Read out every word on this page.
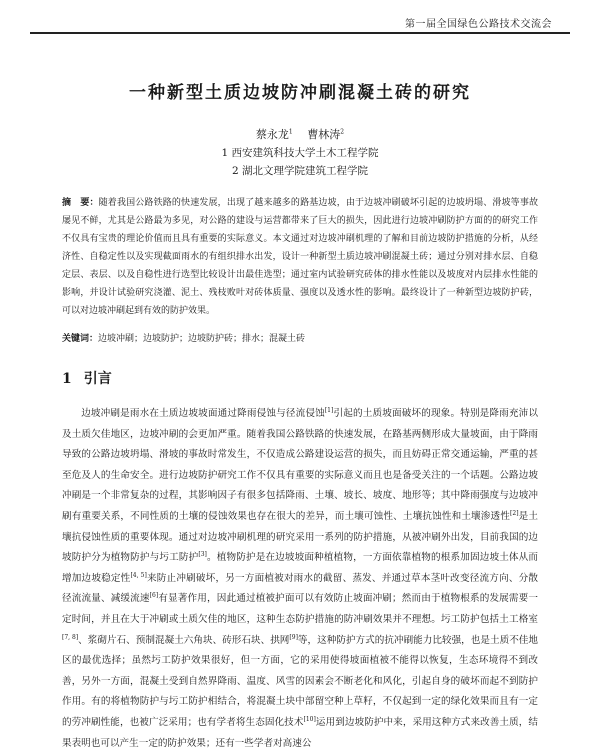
第一届全国绿色公路技术交流会
一种新型土质边坡防冲刷混凝土砖的研究
蔡永龙$^1$ 　 曹林涛$^2$
1 西安建筑科技大学土木工程学院
2 湖北文理学院建筑工程学院
摘　要：随着我国公路铁路的快速发展，出现了越来越多的路基边坡，由于边坡冲刷破坏引起的边坡坍塌、滑坡等事故屡见不鲜，尤其是公路最为多见，对公路的建设与运营都带来了巨大的损失，因此进行边坡冲刷防护方面的的研究工作不仅具有宝贵的理论价值而且具有重要的实际意义。本文通过对边坡冲刷机理的了解和目前边坡防护措施的分析，从经济性、自稳定性以及实现截面雨水的有组织排水出发，设计一种新型土质边坡冲刷混凝土砖；通过分别对排水层、自稳定层、表层、以及自稳性进行选型比较设计出最佳选型；通过室内试验研究砖体的排水性能以及坡度对内层排水性能的影响，并设计试验研究浇灌、泥土、残枝败叶对砖体质量、强度以及透水性的影响。最终设计了一种新型边坡防护砖，可以对边坡冲刷起到有效的防护效果。
关键词：边坡冲刷；边坡防护；边坡防护砖；排水；混凝土砖
1 引言
边坡冲刷是雨水在土质边坡坡面通过降雨侵蚀与径流侵蚀[1]引起的土质坡面破坏的现象。特别是降雨充沛以及土质欠佳地区，边坡冲刷的会更加严重。随着我国公路铁路的快速发展，在路基两侧形成大量坡面，由于降雨导致的公路边坡坍塌、滑坡的事故时常发生，不仅造成公路建设运营的损失，而且妨碍正常交通运输，严重的甚至危及人的生命安全。进行边坡防护研究工作不仅具有重要的实际意义而且也是备受关注的一个话题。公路边坡冲刷是一个非常复杂的过程，其影响因子有很多包括降雨、土壤、坡长、坡度、地形等；其中降雨强度与边坡冲刷有重要关系，不同性质的土壤的侵蚀效果也存在很大的差异，而土壤可蚀性、土壤抗蚀性和土壤渗透性[2]是土壤抗侵蚀性质的重要体现。通过对边坡冲刷机理的研究采用一系列的防护措施，从被冲刷外出发，目前我国的边坡防护分为植物防护与圬工防护[3]。植物防护是在边坡坡面种植植物，一方面依靠植物的根系加固边坡土体从而增加边坡稳定性[4, 5]来防止冲刷破坏，另一方面植被对雨水的截留、蒸发、并通过草本茎叶改变径流方向、分散径流流量、减缓流速[6]有显著作用，因此通过植被护面可以有效防止坡面冲刷；然而由于植物根系的发展需要一定时间，并且在大于冲刷或土质欠佳的地区，这种生态防护措施的防冲刷效果并不理想。圬工防护包括土工格室[7, 8]、浆砌片石、预制混凝土六角块、砖形石块、拱网[9]等，这种防护方式的抗冲刷能力比较强，也是土质不佳地区的最优选择；虽然圬工防护效果很好，但一方面，它的采用使得坡面植被不能得以恢复，生态环境得不到改善，另外一方面，混凝土受到自然界降雨、温度、风雪的因素会不断老化和风化，引起自身的破坏而起不到防护作用。有的将植物防护与圬工防护相结合，将混凝土块中部留空种上草籽，不仅起到一定的绿化效果而且有一定的劳冲刷性能，也被广泛采用；也有学者将生态固化技术[10]运用到边坡防护中来，采用这种方式来改善土质，结果表明也可以产生一定的防护效果；还有一些学者对高速公
